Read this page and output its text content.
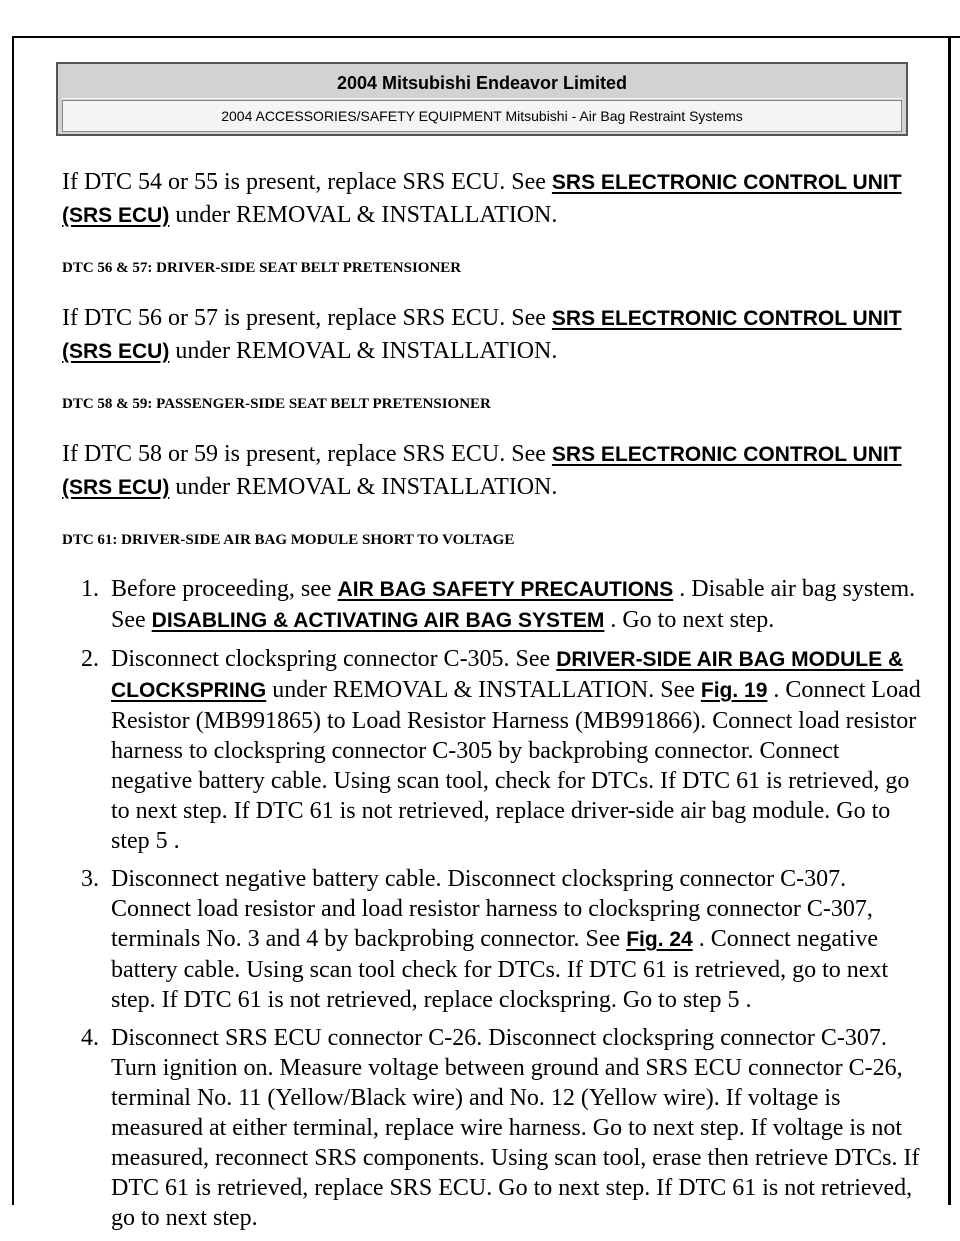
2004 Mitsubishi Endeavor Limited
2004 ACCESSORIES/SAFETY EQUIPMENT Mitsubishi - Air Bag Restraint Systems

If DTC 54 or 55 is present, replace SRS ECU. See SRS ELECTRONIC CONTROL UNIT (SRS ECU) under REMOVAL & INSTALLATION.

DTC 56 & 57: DRIVER-SIDE SEAT BELT PRETENSIONER

If DTC 56 or 57 is present, replace SRS ECU. See SRS ELECTRONIC CONTROL UNIT (SRS ECU) under REMOVAL & INSTALLATION.

DTC 58 & 59: PASSENGER-SIDE SEAT BELT PRETENSIONER

If DTC 58 or 59 is present, replace SRS ECU. See SRS ELECTRONIC CONTROL UNIT (SRS ECU) under REMOVAL & INSTALLATION.

DTC 61: DRIVER-SIDE AIR BAG MODULE SHORT TO VOLTAGE
1. Before proceeding, see AIR BAG SAFETY PRECAUTIONS . Disable air bag system. See DISABLING & ACTIVATING AIR BAG SYSTEM . Go to next step.
2. Disconnect clockspring connector C-305. See DRIVER-SIDE AIR BAG MODULE & CLOCKSPRING under REMOVAL & INSTALLATION. See Fig. 19 . Connect Load Resistor (MB991865) to Load Resistor Harness (MB991866). Connect load resistor harness to clockspring connector C-305 by backprobing connector. Connect negative battery cable. Using scan tool, check for DTCs. If DTC 61 is retrieved, go to next step. If DTC 61 is not retrieved, replace driver-side air bag module. Go to step 5 .
3. Disconnect negative battery cable. Disconnect clockspring connector C-307. Connect load resistor and load resistor harness to clockspring connector C-307, terminals No. 3 and 4 by backprobing connector. See Fig. 24 . Connect negative battery cable. Using scan tool check for DTCs. If DTC 61 is retrieved, go to next step. If DTC 61 is not retrieved, replace clockspring. Go to step 5 .
4. Disconnect SRS ECU connector C-26. Disconnect clockspring connector C-307. Turn ignition on. Measure voltage between ground and SRS ECU connector C-26, terminal No. 11 (Yellow/Black wire) and No. 12 (Yellow wire). If voltage is measured at either terminal, replace wire harness. Go to next step. If voltage is not measured, reconnect SRS components. Using scan tool, erase then retrieve DTCs. If DTC 61 is retrieved, replace SRS ECU. Go to next step. If DTC 61 is not retrieved, go to next step.
